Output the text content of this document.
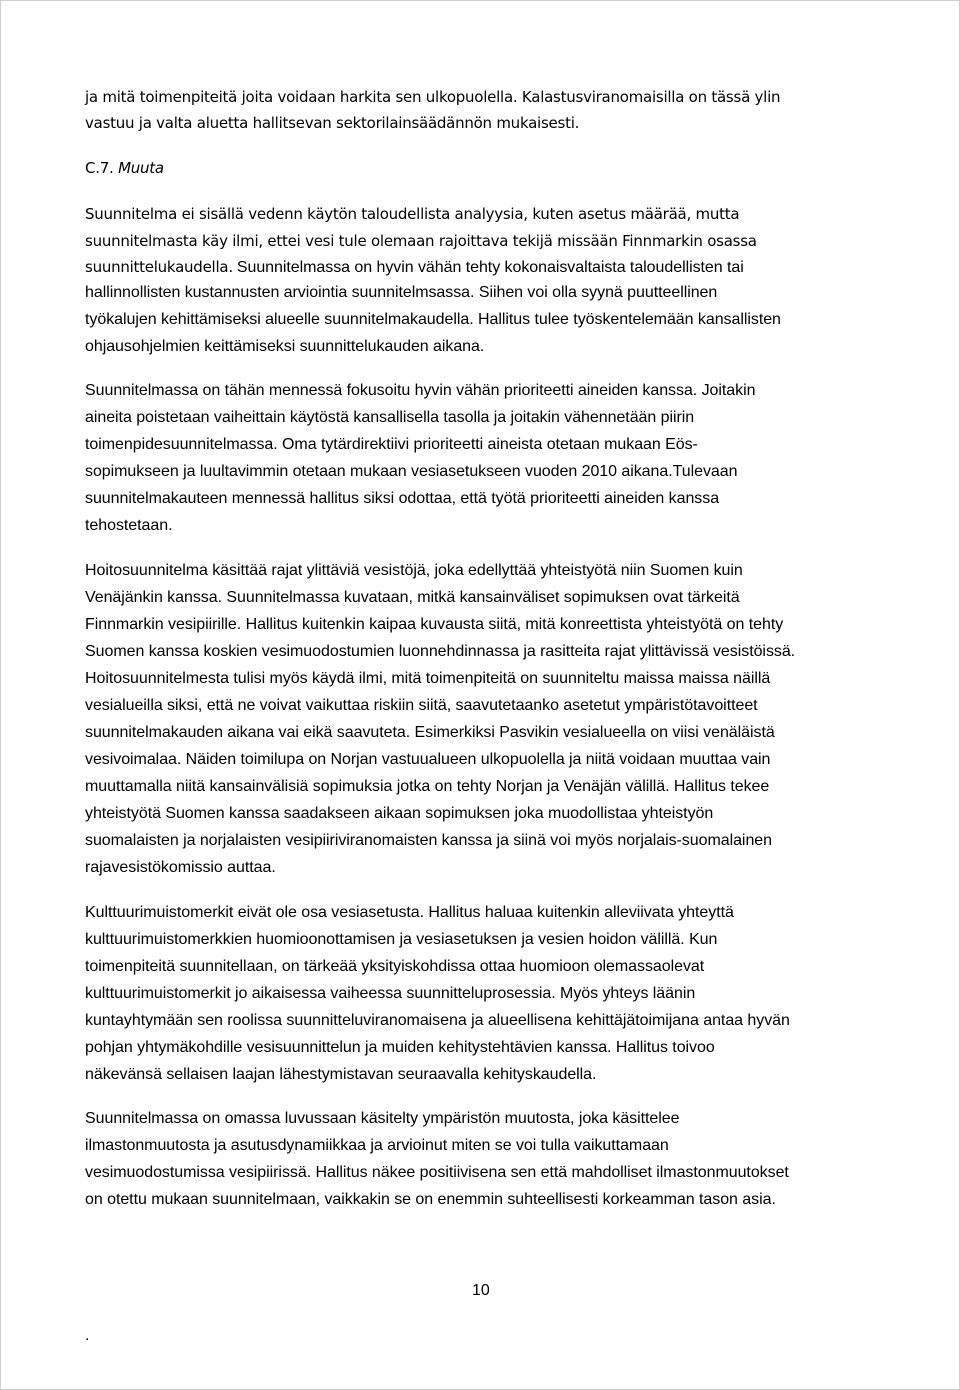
ja mitä toimenpiteitä joita voidaan harkita sen ulkopuolella. Kalastusviranomaisilla on tässä ylin
vastuu ja valta aluetta hallitsevan sektorilainsäädännön mukaisesti.
C.7. Muuta
Suunnitelma ei sisällä vedenn käytön taloudellista analyysia, kuten asetus määrää, mutta
suunnitelmasta käy ilmi, ettei vesi tule olemaan rajoittava tekijä missään Finnmarkin osassa
suunnittelukaudella. Suunnitelmassa on hyvin vähän tehty kokonaisvaltaista taloudellisten tai
hallinnollisten kustannusten arviointia suunnitelmsassa. Siihen voi olla syynä puutteellinen
työkalujen kehittämiseksi alueelle suunnitelmakaudella. Hallitus tulee työskentelemään kansallisten
ohjausohjelmien keittämiseksi suunnittelukauden aikana.
Suunnitelmassa on tähän mennessä fokusoitu hyvin vähän prioriteetti aineiden kanssa. Joitakin
aineita poistetaan vaiheittain käytöstä kansallisella tasolla ja joitakin vähennetään piirin
toimenpidesuunnitelmassa. Oma tytärdirektiivi prioriteetti aineista otetaan mukaan Eös-
sopimukseen ja luultavimmin otetaan mukaan vesiasetukseen vuoden 2010 aikana.Tulevaan
suunnitelmakauteen mennessä hallitus siksi odottaa, että työtä prioriteetti aineiden kanssa
tehostetaan.
Hoitosuunnitelma käsittää rajat ylittäviä vesistöjä, joka edellyttää yhteistyötä niin Suomen kuin
Venäjänkin kanssa. Suunnitelmassa kuvataan, mitkä kansainväliset sopimuksen ovat tärkeitä
Finnmarkin vesipiirille. Hallitus kuitenkin kaipaa kuvausta siitä, mitä konreettista yhteistyötä on tehty
Suomen kanssa koskien vesimuodostumien luonnehdinnassa ja rasitteita rajat ylittävissä vesistöissä.
Hoitosuunnitelmesta tulisi myös käydä ilmi, mitä toimenpiteitä on suunniteltu maissa maissa näillä
vesialueilla siksi, että ne voivat vaikuttaa riskiin siitä, saavutetaanko asetetut ympäristötavoitteet
suunnitelmakauden aikana vai eikä saavuteta. Esimerkiksi Pasvikin vesialueella on viisi venäläistä
vesivoimalaa. Näiden toimilupa on Norjan vastuualueen ulkopuolella ja niitä voidaan muuttaa vain
muuttamalla niitä kansainvälisiä sopimuksia jotka on tehty Norjan ja Venäjän välillä. Hallitus tekee
yhteistyötä Suomen kanssa saadakseen aikaan sopimuksen joka muodollistaa yhteistyön
suomalaisten ja norjalaisten vesipiiriviranomaisten kanssa ja siinä voi myös norjalais-suomalainen
rajavesistökomissio auttaa.
Kulttuurimuistomerkit eivät ole osa vesiasetusta. Hallitus haluaa kuitenkin alleviivata yhteyttä
kulttuurimuistomerkkien huomioonottamisen ja vesiasetuksen ja vesien hoidon välillä. Kun
toimenpiteitä suunnitellaan, on tärkeää yksityiskohdissa ottaa huomioon olemassaolevat
kulttuurimuistomerkit jo aikaisessa vaiheessa suunnitteluprosessia. Myös yhteys läänin
kuntayhtymään sen roolissa suunnitteluviranomaisena ja alueellisena kehittäjätoimijana antaa hyvän
pohjan yhtymäkohdille vesisuunnittelun ja muiden kehitystehtävien kanssa. Hallitus toivoo
näkevänsä sellaisen laajan lähestymistavan seuraavalla kehityskaudella.
Suunnitelmassa on omassa luvussaan käsitelty ympäristön muutosta, joka käsittelee
ilmastonmuutosta ja asutusdynamiikkaa ja arvioinut miten se voi tulla vaikuttamaan
vesimuodostumissa vesipiirissä. Hallitus näkee positiivisena sen että mahdolliset ilmastonmuutokset
on otettu mukaan suunnitelmaan, vaikkakin se on enemmin suhteellisesti korkeamman tason asia.
10
.
